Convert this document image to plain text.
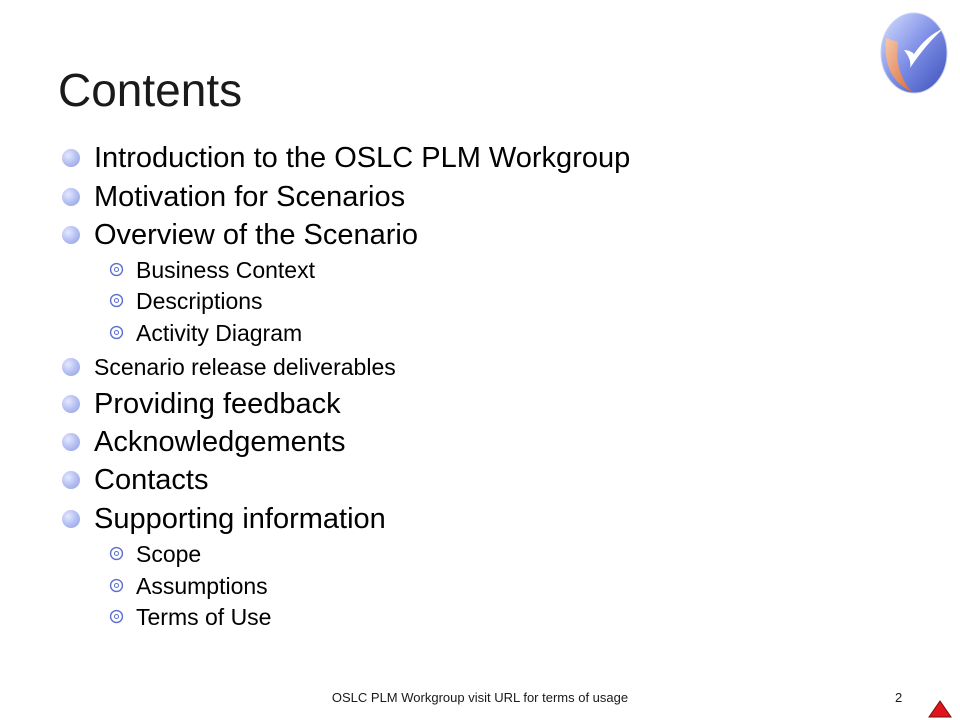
Contents
Introduction to the OSLC PLM Workgroup
Motivation for Scenarios
Overview of the Scenario
Business Context
Descriptions
Activity Diagram
Scenario release deliverables
Providing feedback
Acknowledgements
Contacts
Supporting information
Scope
Assumptions
Terms of Use
OSLC PLM Workgroup visit URL for terms of usage	2
